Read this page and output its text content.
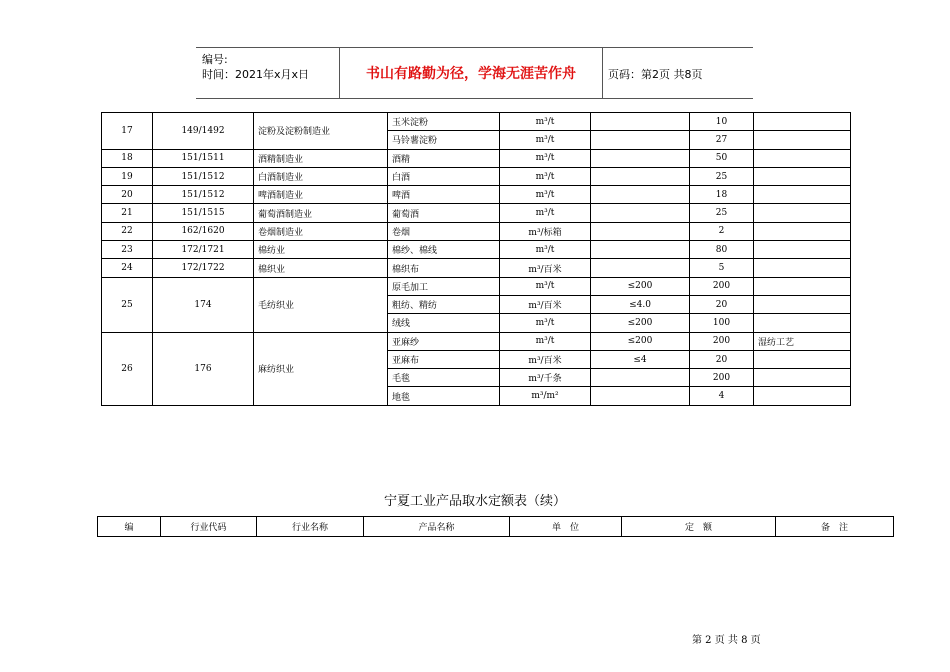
编号:
时间：2021年x月x日	书山有路勤为径，学海无涯苦作舟	页码：第2页 共8页
17	149/1492	淀粉及淀粉制造业	玉米淀粉	m³/t		10	
			马铃薯淀粉	m³/t		27	
18	151/1511	酒精制造业	酒精	m³/t		50	
19	151/1512	白酒制造业	白酒	m³/t		25	
20	151/1512	啤酒制造业	啤酒	m³/t		18	
21	151/1515	葡萄酒制造业	葡萄酒	m³/t		25	
22	162/1620	卷烟制造业	卷烟	m³/标箱		2	
23	172/1721	棉纺业	棉纱、棉线	m³/t		80	
24	172/1722	棉织业	棉织布	m³/百米		5	
25	174	毛纺织业	原毛加工	m³/t	≤200	200	
			粗纺、精纺	m³/百米	≤4.0	20	
			绒线	m³/t	≤200	100	
26	176	麻纺织业	亚麻纱	m³/t	≤200	200	湿纺工艺
			亚麻布	m³/百米	≤4	20	
			毛毯	m³/千条		200	
			地毯	m³/m²		4	
宁夏工业产品取水定额表（续）
编	行业代码	行业名称	产品名称	单　位	定　额	备　注
第 2 页 共 8 页
